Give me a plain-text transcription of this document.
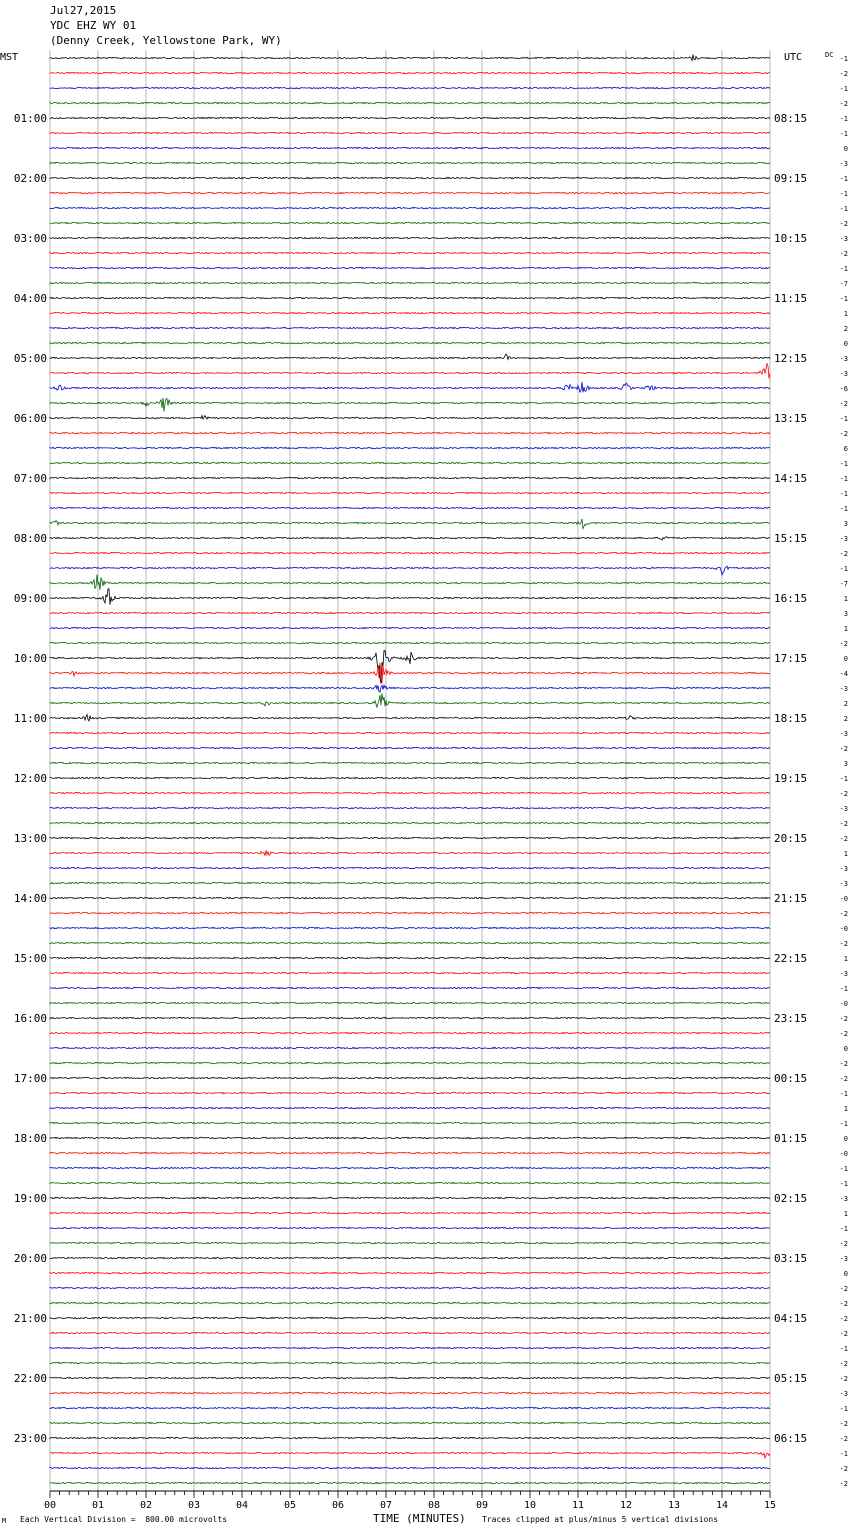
Jul27,2015
YDC EHZ WY 01
(Denny Creek, Yellowstone Park, WY)
00	01	02	03	04	05	06	07	08	09	10	11	12	13	14	15
-1
-2
-1
-2
-1
-1
0
-3
-1
-1
-1
-2
-3
-2
-1
-7
-1
1
2
0
-3
-3
-6
-2
-1
-2
6
-1
-1
-1
-1
3
-3
-2
-1
-7
1
3
1
-2
0
-4
-3
2
2
-3
-2
3
-1
-2
-3
-2
-2
1
-3
-3
-0
-2
-0
-2
1
-3
-1
-0
-2
-2
0
-2
-2
-1
1
-1
0
-0
-1
-1
-3
1
-1
-2
-3
0
-2
-2
-2
-2
-1
-2
-2
-3
-1
-2
-2
-1
-2
-2
01:00
02:00
03:00
04:00
05:00
06:00
07:00
08:00
09:00
10:00
11:00
12:00
13:00
14:00
15:00
16:00
17:00
18:00
19:00
20:00
21:00
22:00
23:00
08:15
09:15
10:15
11:15
12:15
13:15
14:15
15:15
16:15
17:15
18:15
19:15
20:15
21:15
22:15
23:15
00:15
01:15
02:15
03:15
04:15
05:15
06:15
MST	UTC	DC
M Each Vertical Division =  800.00 microvolts	TIME (MINUTES) Traces clipped at plus/minus 5 vertical divisions
